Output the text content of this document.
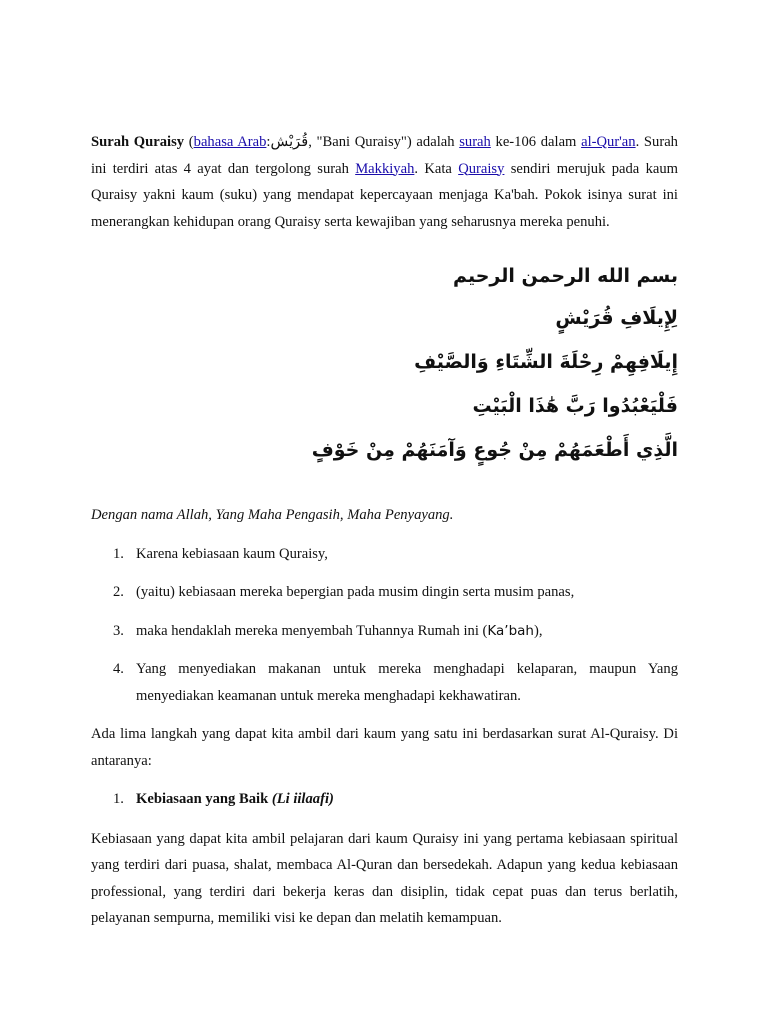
Surah Quraisy (bahasa Arab:قُرَيْش, "Bani Quraisy") adalah surah ke-106 dalam al-Qur'an. Surah ini terdiri atas 4 ayat dan tergolong surah Makkiyah. Kata Quraisy sendiri merujuk pada kaum Quraisy yakni kaum (suku) yang mendapat kepercayaan menjaga Ka'bah. Pokok isinya surat ini menerangkan kehidupan orang Quraisy serta kewajiban yang seharusnya mereka penuhi.

بسم الله الرحمن الرحيم
لِإِيلَافِ قُرَيْشٍ
إِيلَافِهِمْ رِحْلَةَ الشِّتَاءِ وَالصَّيْفِ
فَلْيَعْبُدُوا رَبَّ هَٰذَا الْبَيْتِ
الَّذِي أَطْعَمَهُمْ مِنْ جُوعٍ وَآمَنَهُمْ مِنْ خَوْفٍ

Dengan nama Allah, Yang Maha Pengasih, Maha Penyayang.

1. Karena kebiasaan kaum Quraisy,
2. (yaitu) kebiasaan mereka bepergian pada musim dingin serta musim panas,
3. maka hendaklah mereka menyembah Tuhannya Rumah ini (Ka’bah),
4. Yang menyediakan makanan untuk mereka menghadapi kelaparan, maupun Yang menyediakan keamanan untuk mereka menghadapi kekhawatiran.

Ada lima langkah yang dapat kita ambil dari kaum yang satu ini berdasarkan surat Al-Quraisy. Di antaranya:

1. Kebiasaan yang Baik (Li iilaafi)

Kebiasaan yang dapat kita ambil pelajaran dari kaum Quraisy ini yang pertama kebiasaan spiritual yang terdiri dari puasa, shalat, membaca Al-Quran dan bersedekah. Adapun yang kedua kebiasaan professional, yang terdiri dari bekerja keras dan disiplin, tidak cepat puas dan terus berlatih, pelayanan sempurna, memiliki visi ke depan dan melatih kemampuan.
